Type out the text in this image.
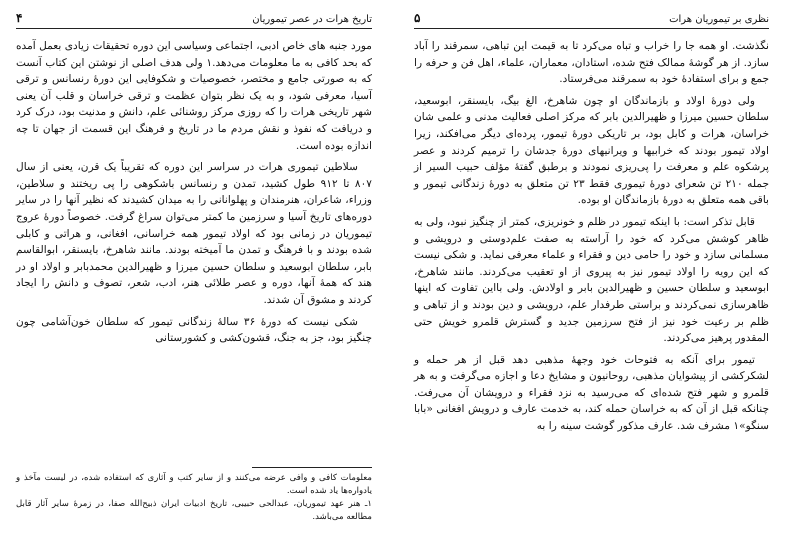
تاریخ هرات در عصر تیموریان
۴

مورد جنبه های خاص ادبی، اجتماعی وسیاسی این دوره تحقیقات زیادی بعمل آمده که بحد کافی به ما معلومات می‌دهد.۱ ولی هدف اصلی از نوشتن این کتاب آنست که به صورتی جامع و مختصر، خصوصیات و شکوفایی این دورهٔ رنسانس و ترقی آسیا، معرفی شود، و به یک نظر بتوان عظمت و ترقی خراسان و قلب آن یعنی شهر تاریخی هرات را که روزی مرکز روشنائی علم، دانش و مدنیت بود، درک کرد و دریافت که نفوذ و نقش مردم ما در تاریخ و فرهنگ این قسمت از جهان تا چه اندازه بوده است.

سلاطین تیموری هرات در سراسر این دوره که تقریباً یک قرن، یعنی از سال ۸۰۷ تا ۹۱۲ طول کشید، تمدن و رنسانس باشکوهی را پی ریختند و سلاطین، وزراء، شاعران، هنرمندان و پهلوانانی را به میدان کشیدند که نظیر آنها را در سایر دوره‌های تاریخ آسیا و سرزمین ما کمتر می‌توان سراغ گرفت. خصوصاً دورهٔ عروج تیموریان در زمانی بود که اولاد تیمور همه خراسانی، افغانی، و هراتی و کابلی شده بودند و با فرهنگ و تمدن ما آمیخته بودند. مانند شاهرخ، بایسنقر، ابوالقاسم بابر، سلطان ابوسعید و سلطان حسین میرزا و ظهیرالدین محمدبابر و اولاد او در هند که همهٔ آنها، دوره و عصر طلائی هنر، ادب، شعر، تصوف و دانش را ایجاد کردند و مشوق آن شدند.

شکی نیست که دورهٔ ۳۶ سالهٔ زندگانی تیمور که سلطان خون‌آشامی چون چنگیز بود، جز به جنگ، قشون‌کشی و کشورستانی

معلومات کافی و وافی عرضه می‌کنند و از سایر کتب و آثاری که استفاده شده، در لیست مآخذ و یادواره‌ها یاد شده است.

۱ـ هنر عهد تیموریان، عبدالحی حبیبی، تاریخ ادبیات ایران ذبیح‌الله صفا، در زمرهٔ سایر آثار قابل مطالعه می‌باشد.

نظری بر تیموریان هرات
۵

نگذشت. او همه جا را خراب و تباه می‌کرد تا به قیمت این تباهی، سمرقند را آباد سازد. از هر گوشهٔ ممالک فتح شده، استادان، معماران، علماء، اهل فن و حرفه را جمع و برای استفادهٔ خود به سمرقند می‌فرستاد.

ولی دورهٔ اولاد و بازماندگان او چون شاهرخ، الغ بیگ، بایسنقر، ابوسعید، سلطان حسین میرزا و ظهیرالدین بابر که مرکز اصلی فعالیت مدنی و علمی شان خراسان، هرات و کابل بود، بر تاریکی دورهٔ تیمور، پرده‌ای دیگر می‌افکند، زیرا اولاد تیمور بودند که خرابیها و ویرانیهای دورهٔ جدشان را ترمیم کردند و عصر پرشکوه علم و معرفت را پی‌ریزی نمودند و برطبق گفتهٔ مؤلف حبیب السیر از جمله ۲۱۰ تن شعرای دورهٔ تیموری فقط ۲۳ تن متعلق به دورهٔ زندگانی تیمور و باقی همه متعلق به دورهٔ بازماندگان او بوده.

قابل تذکر است: با اینکه تیمور در ظلم و خونریزی، کمتر از چنگیز نبود، ولی به ظاهر کوشش می‌کرد که خود را آراسته به صفت علم‌دوستی و درویشی و مسلمانی سازد و خود را حامی دین و فقراء و علماء معرفی نماید. و شکی نیست که این رویه را اولاد تیمور نیز به پیروی از او تعقیب می‌کردند. مانند شاهرخ، ابوسعید و سلطان حسین و ظهیرالدین بابر و اولادش. ولی بااین تفاوت که اینها ظاهرسازی نمی‌کردند و براستی طرفدار علم، درویشی و دین بودند و از تباهی و ظلم بر رعیت خود نیز از فتح سرزمین جدید و گسترش قلمرو خویش حتی المقدور پرهیز می‌کردند.

تیمور برای آنکه به فتوحات خود وجههٔ مذهبی دهد قبل از هر حمله و لشکرکشی از پیشوایان مذهبی، روحانیون و مشایخ دعا و اجازه می‌گرفت و به هر قلمرو و شهر فتح شده‌ای که می‌رسید به نزد فقراء و درویشان آن می‌رفت. چنانکه قبل از آن که به خراسان حمله کند، به خدمت عارف و درویش افغانی «بابا سنگو»۱ مشرف شد. عارف مذکور گوشت سینه را به
